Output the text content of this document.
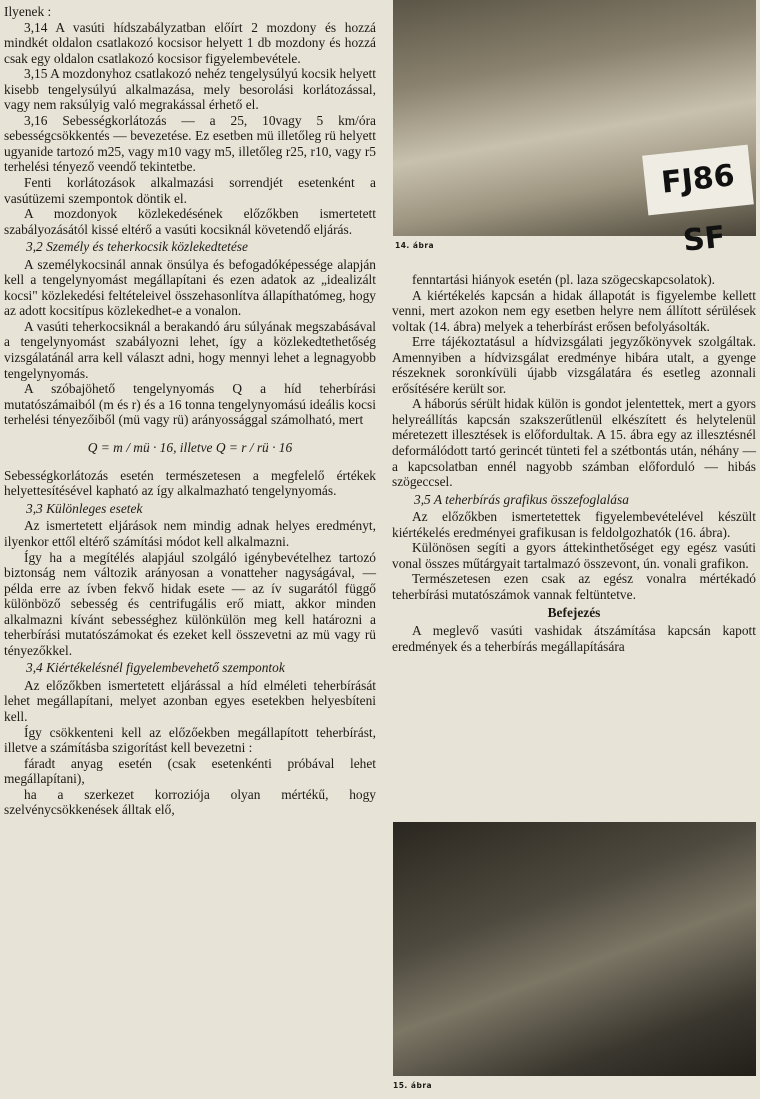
Ilyenek :

3,14 A vasúti hídszabályzatban előírt 2 mozdony és hozzá mindkét oldalon csatlakozó kocsisor helyett 1 db mozdony és hozzá csak egy oldalon csatlakozó kocsisor figyelembevétele.

3,15 A mozdonyhoz csatlakozó nehéz tengelysúlyú kocsik helyett kisebb tengelysúlyú alkalmazása, mely besorolási korlátozással, vagy nem raksúlyig való megrakással érhető el.

3,16 Sebességkorlátozás — a 25, 10vagy 5 km/óra sebességcsökkentés — bevezetése. Ez esetben mü illetőleg rü helyett ugyanide tartozó m25, vagy m10 vagy m5, illetőleg r25, r10, vagy r5 terhelési tényező veendő tekintetbe.

Fenti korlátozások alkalmazási sorrendjét esetenként a vasútüzemi szempontok döntik el.

A mozdonyok közlekedésének előzőkben ismertetett szabályozásától kissé eltérő a vasúti kocsiknál követendő eljárás.

3,2 Személy és teherkocsik közlekedtetése

A személykocsinál annak önsúlya és befogadóképessége alapján kell a tengelynyomást megállapítani és ezen adatok az „idealizált kocsi" közlekedési feltételeivel összehasonlítva állapíthatómeg, hogy az adott kocsitípus közlekedhet-e a vonalon.

A vasúti teherkocsiknál a berakandó áru súlyának megszabásával a tengelynyomást szabályozni lehet, így a közlekedtethetőség vizsgálatánál arra kell választ adni, hogy mennyi lehet a legnagyobb tengelynyomás.

A szóbajöhető tengelynyomás Q a híd teherbírási mutatószámaiból (m és r) és a 16 tonna tengelynyomású ideális kocsi terhelési tényezőiből (mü vagy rü) arányossággal számolható, mert

Q = m / mü · 16, illetve Q = r / rü · 16

Sebességkorlátozás esetén természetesen a megfelelő értékek helyettesítésével kapható az így alkalmazható tengelynyomás.

3,3 Különleges esetek

Az ismertetett eljárások nem mindig adnak helyes eredményt, ilyenkor ettől eltérő számítási módot kell alkalmazni.

Így ha a megítélés alapjául szolgáló igénybevételhez tartozó biztonság nem változik arányosan a vonatteher nagyságával, — példa erre az ívben fekvő hidak esete — az ív sugarától függő különböző sebesség és centrifugális erő miatt, akkor minden alkalmazni kívánt sebességhez különkülön meg kell határozni a teherbírási mutatószámokat és ezeket kell összevetni az mü vagy rü tényezőkkel.

3,4 Kiértékelésnél figyelembevehető szempontok

Az előzőkben ismertetett eljárással a híd elméleti teherbírását lehet megállapítani, melyet azonban egyes esetekben helyesbíteni kell.

Így csökkenteni kell az előzőekben megállapított teherbírást, illetve a számításba szigorítást kell bevezetni :

fáradt anyag esetén (csak esetenkénti próbával lehet megállapítani),

ha a szerkezet korroziója olyan mértékű, hogy szelvénycsökkenések álltak elő,

FJ86 SF
14. ábra

fenntartási hiányok esetén (pl. laza szögecskapcsolatok).

A kiértékelés kapcsán a hidak állapotát is figyelembe kellett venni, mert azokon nem egy esetben helyre nem állított sérülések voltak (14. ábra) melyek a teherbírást erősen befolyásolták.

Erre tájékoztatásul a hídvizsgálati jegyzőkönyvek szolgáltak. Amennyiben a hídvizsgálat eredménye hibára utalt, a gyenge részeknek soronkívüli újabb vizsgálatára és esetleg azonnali erősítésére került sor.

A háborús sérült hidak külön is gondot jelentettek, mert a gyors helyreállítás kapcsán szakszerűtlenül elkészített és helytelenül méretezett illesztések is előfordultak. A 15. ábra egy az illesztésnél deformálódott tartó gerincét tünteti fel a szétbontás után, néhány — a kapcsolatban ennél nagyobb számban előforduló — hibás szögeccsel.

3,5 A teherbírás grafikus összefoglalása

Az előzőkben ismertetettek figyelembevételével készült kiértékelés eredményei grafikusan is feldolgozhatók (16. ábra).

Különösen segíti a gyors áttekinthetőséget egy egész vasúti vonal összes műtárgyait tartalmazó összevont, ún. vonali grafikon.

Természetesen ezen csak az egész vonalra mértékadó teherbírási mutatószámok vannak feltüntetve.

Befejezés

A meglevő vasúti vashidak átszámítása kapcsán kapott eredmények és a teherbírás megállapítására

15. ábra
